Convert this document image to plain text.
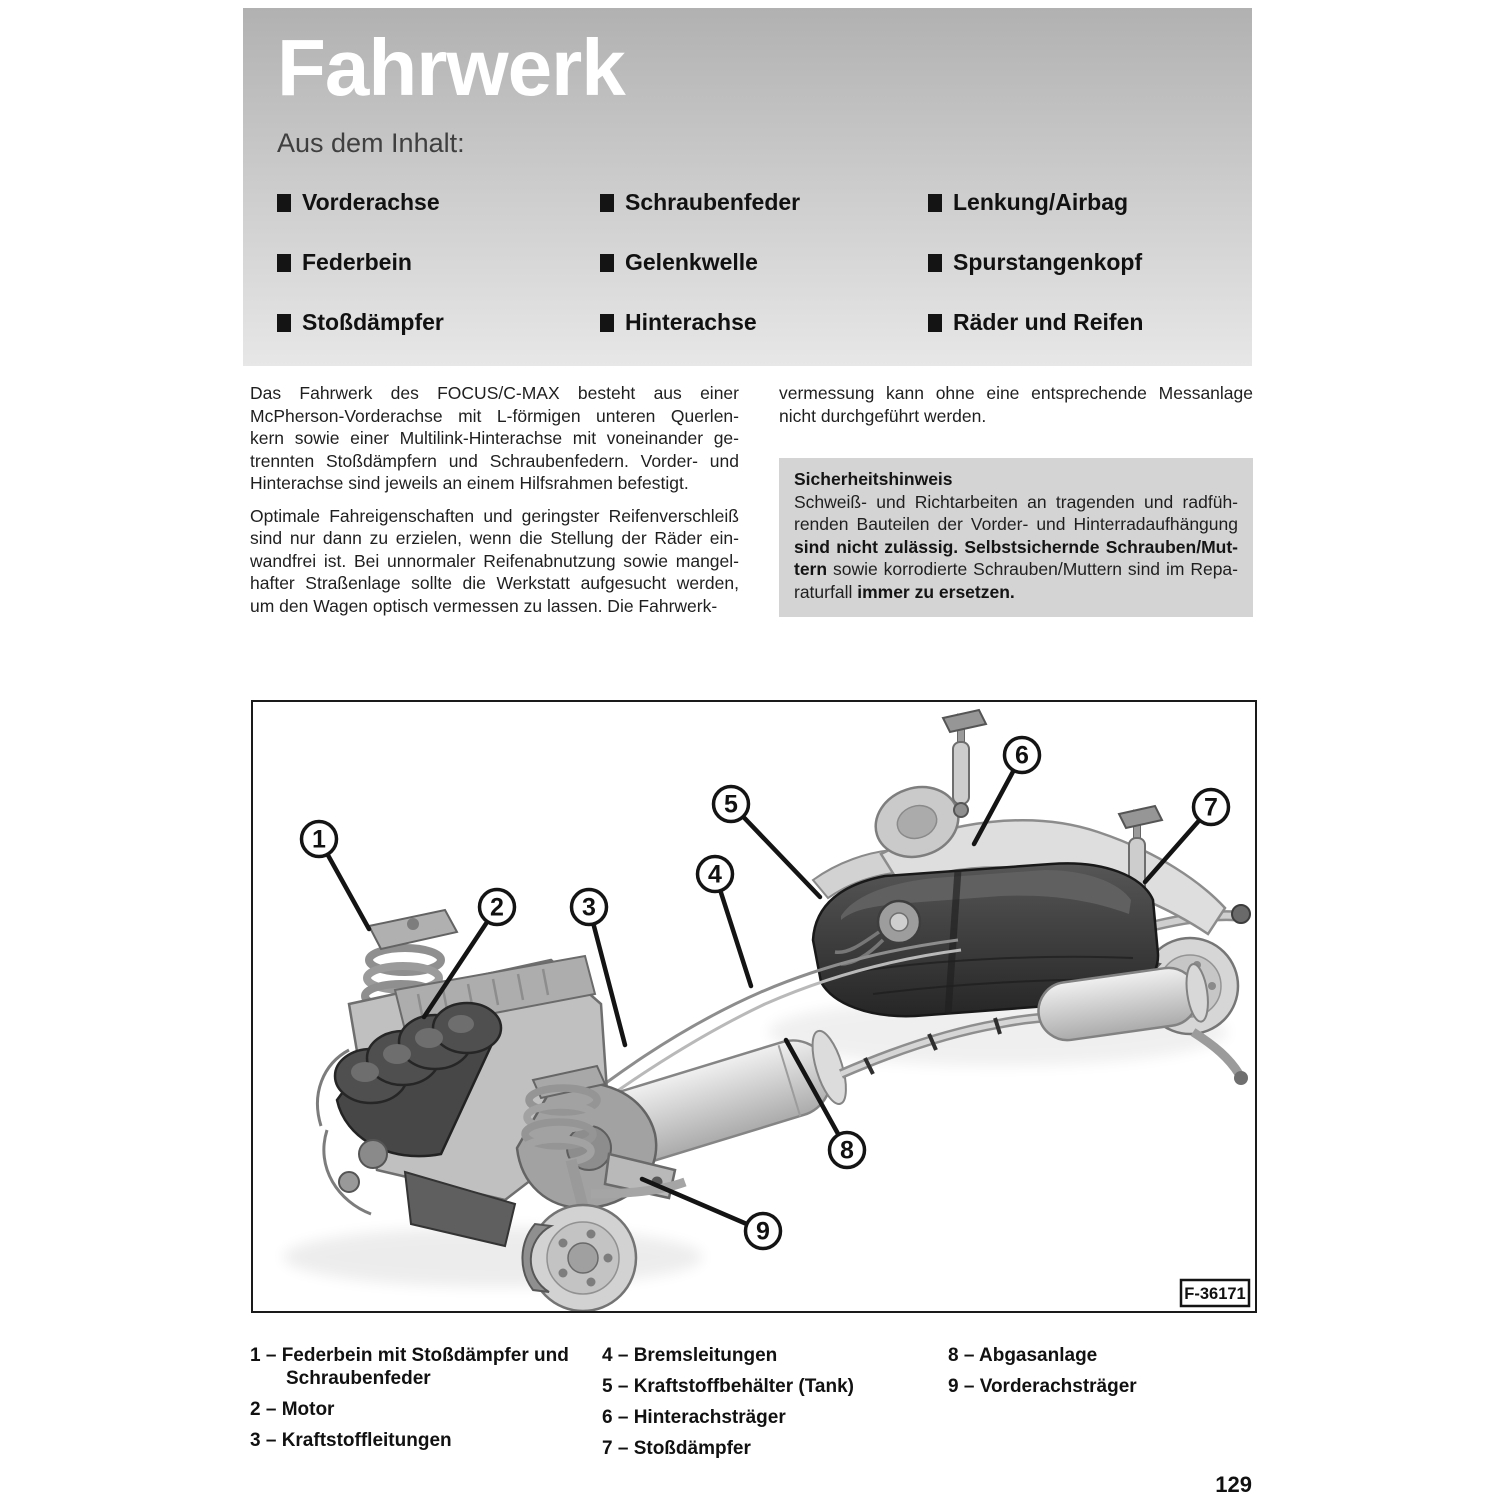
Fahrwerk
Aus dem Inhalt:
Vorderachse	Schraubenfeder	Lenkung/Airbag
Federbein	Gelenkwelle	Spurstangenkopf
Stoßdämpfer	Hinterachse	Räder und Reifen
Das Fahrwerk des FOCUS/C-MAX besteht aus einer
McPherson-Vorderachse mit L-förmigen unteren Querlen-
kern sowie einer Multilink-Hinterachse mit voneinander ge-
trennten Stoßdämpfern und Schraubenfedern. Vorder- und
Hinterachse sind jeweils an einem Hilfsrahmen befestigt.
Optimale Fahreigenschaften und geringster Reifenverschleiß
sind nur dann zu erzielen, wenn die Stellung der Räder ein-
wandfrei ist. Bei unnormaler Reifenabnutzung sowie mangel-
hafter Straßenlage sollte die Werkstatt aufgesucht werden,
um den Wagen optisch vermessen zu lassen. Die Fahrwerk-
vermessung kann ohne eine entsprechende Messanlage
nicht durchgeführt werden.
Sicherheitshinweis
Schweiß- und Richtarbeiten an tragenden und radfüh-
renden Bauteilen der Vorder- und Hinterradaufhängung
sind nicht zulässig. Selbstsichernde Schrauben/Mut-
tern sowie korrodierte Schrauben/Muttern sind im Repa-
raturfall immer zu ersetzen.
1
2	3
4
5
6
7
8
9
F-36171
1 – Federbein mit Stoßdämpfer und Schraubenfeder
2 – Motor
3 – Kraftstoffleitungen
4 – Bremsleitungen
5 – Kraftstoffbehälter (Tank)
6 – Hinterachsträger
7 – Stoßdämpfer
8 – Abgasanlage
9 – Vorderachsträger
129
